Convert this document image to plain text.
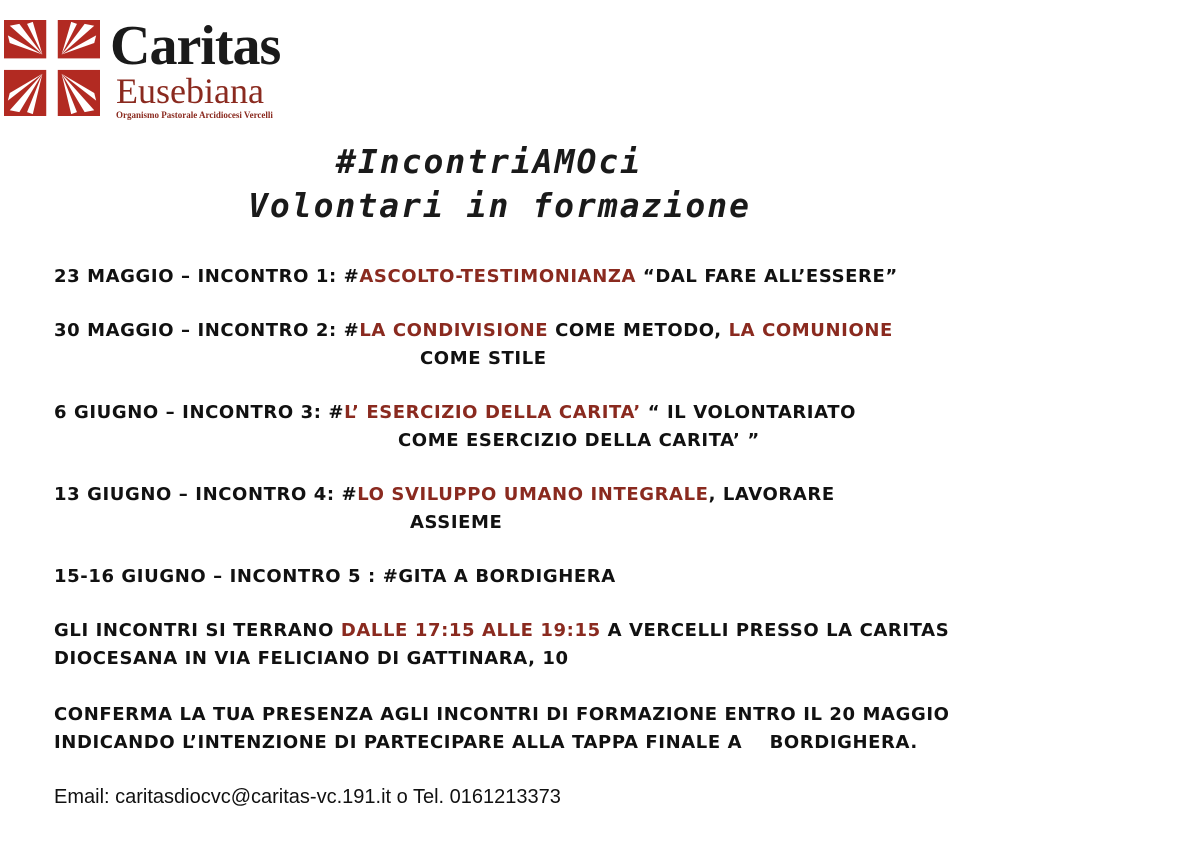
Caritas
Eusebiana
Organismo Pastorale Arcidiocesi Vercelli
#IncontriAMOci
Volontari in formazione
23 MAGGIO – INCONTRO 1: #ASCOLTO-TESTIMONIANZA “DAL FARE ALL’ESSERE”
30 MAGGIO – INCONTRO 2: #LA CONDIVISIONE COME METODO, LA COMUNIONE
COME STILE
6 GIUGNO – INCONTRO 3: #L’ ESERCIZIO DELLA CARITA’ “ IL VOLONTARIATO
COME ESERCIZIO DELLA CARITA’ ”
13 GIUGNO – INCONTRO 4: #LO SVILUPPO UMANO INTEGRALE, LAVORARE
ASSIEME
15-16 GIUGNO – INCONTRO 5 : #GITA A BORDIGHERA
GLI INCONTRI SI TERRANO DALLE 17:15 ALLE 19:15 A VERCELLI PRESSO LA CARITAS
DIOCESANA IN VIA FELICIANO DI GATTINARA, 10
CONFERMA LA TUA PRESENZA AGLI INCONTRI DI FORMAZIONE ENTRO IL 20 MAGGIO
INDICANDO L’INTENZIONE DI PARTECIPARE ALLA TAPPA FINALE A    BORDIGHERA.
Email: caritasdiocvc@caritas-vc.191.it o Tel. 0161213373
